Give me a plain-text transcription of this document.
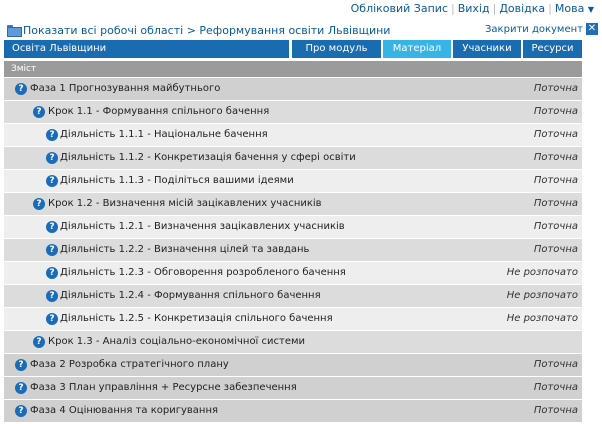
Обліковий Запис | Вихід | Довідка | Мова ▼
Показати всі робочі області > Реформування освіти Львівщини	Закрити документ ✕
Освіта Львівщини	Про модуль	Матеріал	Учасники	Ресурси
Зміст
? Фаза 1 Прогнозування майбутнього	Поточна
? Крок 1.1 - Формування спільного бачення	Поточна
? Діяльність 1.1.1 - Національне бачення	Поточна
? Діяльність 1.1.2 - Конкретизація бачення у сфері освіти	Поточна
? Діяльність 1.1.3 - Поділіться вашими ідеями	Поточна
? Крок 1.2 - Визначення місій зацікавлених учасників	Поточна
? Діяльність 1.2.1 - Визначення зацікавлених учасників	Поточна
? Діяльність 1.2.2 - Визначення цілей та завдань	Поточна
? Діяльність 1.2.3 - Обговорення розробленого бачення	Не розпочато
? Діяльність 1.2.4 - Формування спільного бачення	Не розпочато
? Діяльність 1.2.5 - Конкретизація спільного бачення	Не розпочато
? Крок 1.3 - Аналіз соціально-економічної системи
? Фаза 2 Розробка стратегічного плану	Поточна
? Фаза 3 План управління + Ресурсне забезпечення	Поточна
? Фаза 4 Оцінювання та коригування	Поточна
